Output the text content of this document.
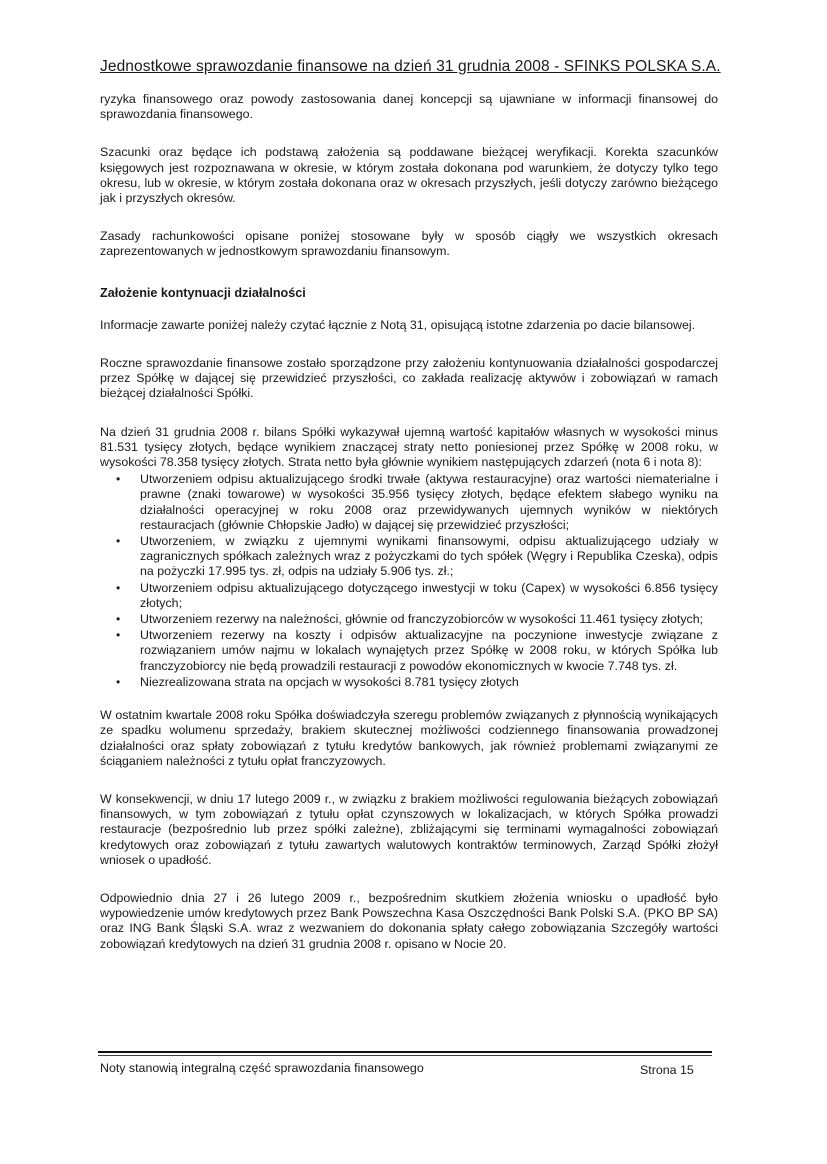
Jednostkowe sprawozdanie finansowe na dzień 31 grudnia 2008 - SFINKS POLSKA S.A.

ryzyka finansowego oraz powody zastosowania danej koncepcji są ujawniane w informacji finansowej do sprawozdania finansowego.

Szacunki oraz będące ich podstawą założenia są poddawane bieżącej weryfikacji. Korekta szacunków księgowych jest rozpoznawana w okresie, w którym została dokonana pod warunkiem, że dotyczy tylko tego okresu, lub w okresie, w którym została dokonana oraz w okresach przyszłych, jeśli dotyczy zarówno bieżącego jak i przyszłych okresów.

Zasady rachunkowości opisane poniżej stosowane były w sposób ciągły we wszystkich okresach zaprezentowanych w jednostkowym sprawozdaniu finansowym.

Założenie kontynuacji działalności

Informacje zawarte poniżej należy czytać łącznie z Notą 31, opisującą istotne zdarzenia po dacie bilansowej.

Roczne sprawozdanie finansowe zostało sporządzone przy założeniu kontynuowania działalności gospodarczej przez Spółkę w dającej się przewidzieć przyszłości, co zakłada realizację aktywów i zobowiązań w ramach bieżącej działalności Spółki.

Na dzień 31 grudnia 2008 r. bilans Spółki wykazywał ujemną wartość kapitałów własnych w wysokości minus 81.531 tysięcy złotych, będące wynikiem znaczącej straty netto poniesionej przez Spółkę w 2008 roku, w wysokości 78.358 tysięcy złotych. Strata netto była głównie wynikiem następujących zdarzeń (nota 6 i nota 8):

• Utworzeniem odpisu aktualizującego środki trwałe (aktywa restauracyjne) oraz wartości niematerialne i prawne (znaki towarowe) w wysokości 35.956 tysięcy złotych, będące efektem słabego wyniku na działalności operacyjnej w roku 2008 oraz przewidywanych ujemnych wyników w niektórych restauracjach (głównie Chłopskie Jadło) w dającej się przewidzieć przyszłości;
• Utworzeniem, w związku z ujemnymi wynikami finansowymi, odpisu aktualizującego udziały w zagranicznych spółkach zależnych wraz z pożyczkami do tych spółek (Węgry i Republika Czeska), odpis na pożyczki 17.995 tys. zł, odpis na udziały 5.906 tys. zł.;
• Utworzeniem odpisu aktualizującego dotyczącego inwestycji w toku (Capex) w wysokości 6.856 tysięcy złotych;
• Utworzeniem rezerwy na należności, głównie od franczyzobiorców w wysokości 11.461 tysięcy złotych;
• Utworzeniem rezerwy na koszty i odpisów aktualizacyjne na poczynione inwestycje związane z rozwiązaniem umów najmu w lokalach wynajętych przez Spółkę w 2008 roku, w których Spółka lub franczyzobiorcy nie będą prowadzili restauracji z powodów ekonomicznych w kwocie 7.748 tys. zł.
• Niezrealizowana strata na opcjach w wysokości 8.781 tysięcy złotych

W ostatnim kwartale 2008 roku Spółka doświadczyła szeregu problemów związanych z płynnością wynikających ze spadku wolumenu sprzedaży, brakiem skutecznej możliwości codziennego finansowania prowadzonej działalności oraz spłaty zobowiązań z tytułu kredytów bankowych, jak również problemami związanymi ze ściąganiem należności z tytułu opłat franczyzowych.

W konsekwencji, w dniu 17 lutego 2009 r., w związku z brakiem możliwości regulowania bieżących zobowiązań finansowych, w tym zobowiązań z tytułu opłat czynszowych w lokalizacjach, w których Spółka prowadzi restauracje (bezpośrednio lub przez spółki zależne), zbliżającymi się terminami wymagalności zobowiązań kredytowych oraz zobowiązań z tytułu zawartych walutowych kontraktów terminowych, Zarząd Spółki złożył wniosek o upadłość.

Odpowiednio dnia 27 i 26 lutego 2009 r., bezpośrednim skutkiem złożenia wniosku o upadłość było wypowiedzenie umów kredytowych przez Bank Powszechna Kasa Oszczędności Bank Polski S.A. (PKO BP SA) oraz ING Bank Śląski S.A. wraz z wezwaniem do dokonania spłaty całego zobowiązania Szczegóły wartości zobowiązań kredytowych na dzień 31 grudnia 2008 r. opisano w Nocie 20.

Noty stanowią integralną część sprawozdania finansowego	Strona 15
